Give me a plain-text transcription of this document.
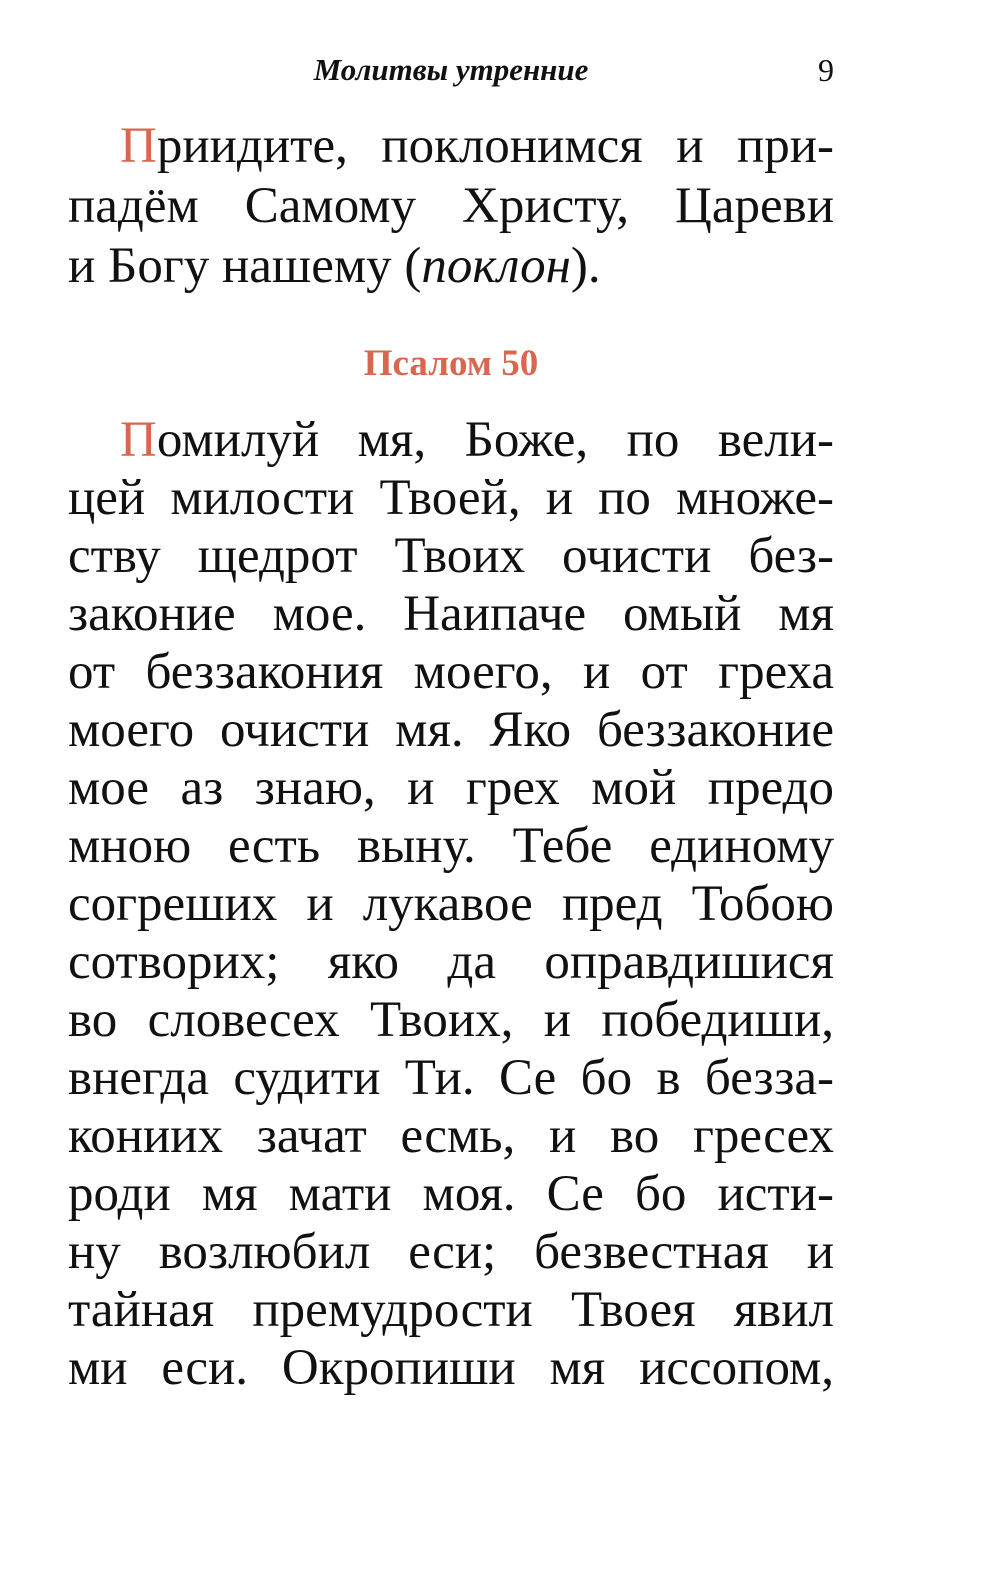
Молитвы утренние	9
Приидите, поклонимся и при-
падём Самому Христу, Цареви
и Богу нашему (поклон).
Псалом 50
Помилуй мя, Боже, по вели-
цей милости Твоей, и по множе-
ству щедрот Твоих очисти без-
законие мое. Наипаче омый мя
от беззакония моего, и от греха
моего очисти мя. Яко беззаконие
мое аз знаю, и грех мой предо
мною есть выну. Тебе единому
согреших и лукавое пред Тобою
сотворих; яко да оправдишися
во словесех Твоих, и победиши,
внегда судити Ти. Се бо в безза-
кониих зачат есмь, и во гресех
роди мя мати моя. Се бо исти-
ну возлюбил еси; безвестная и
тайная премудрости Твоея явил
ми еси. Окропиши мя иссопом,
